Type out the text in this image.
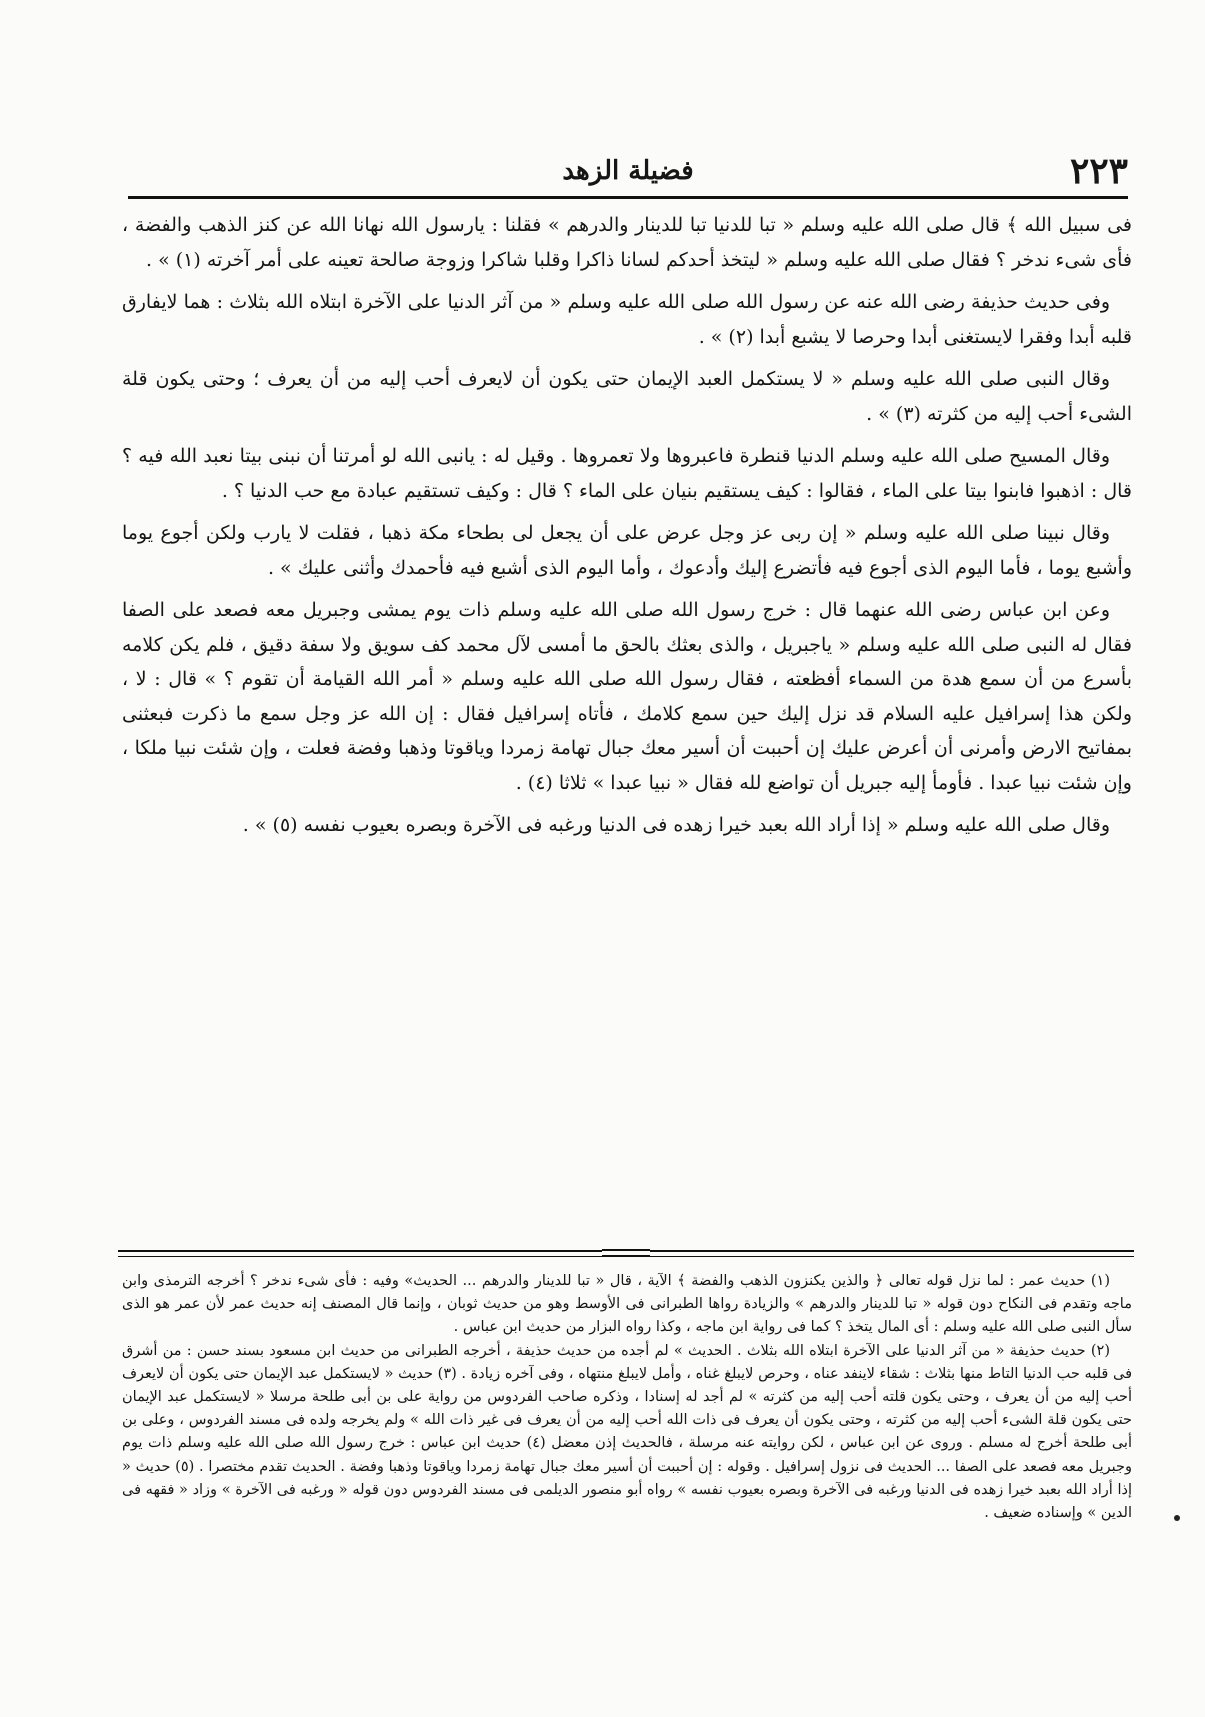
٢٢٣
فضيلة الزهد

فى سبيل الله ﴾ قال صلى الله عليه وسلم « تبا للدنيا تبا للدينار والدرهم » فقلنا : يارسول الله نهانا الله عن كنز الذهب والفضة ، فأى شىء ندخر ؟ فقال صلى الله عليه وسلم « ليتخذ أحدكم لسانا ذاكرا وقلبا شاكرا وزوجة صالحة تعينه على أمر آخرته (١) » .

وفى حديث حذيفة رضى الله عنه عن رسول الله صلى الله عليه وسلم « من آثر الدنيا على الآخرة ابتلاه الله بثلاث : هما لايفارق قلبه أبدا وفقرا لايستغنى أبدا وحرصا لا يشبع أبدا (٢) » .

وقال النبى صلى الله عليه وسلم « لا يستكمل العبد الإيمان حتى يكون أن لايعرف أحب إليه من أن يعرف ؛ وحتى يكون قلة الشىء أحب إليه من كثرته (٣) » .

وقال المسيح صلى الله عليه وسلم الدنيا قنطرة فاعبروها ولا تعمروها . وقيل له : يانبى الله لو أمرتنا أن نبنى بيتا نعبد الله فيه ؟ قال : اذهبوا فابنوا بيتا على الماء ، فقالوا : كيف يستقيم بنيان على الماء ؟ قال : وكيف تستقيم عبادة مع حب الدنيا ؟ .

وقال نبينا صلى الله عليه وسلم « إن ربى عز وجل عرض على أن يجعل لى بطحاء مكة ذهبا ، فقلت لا يارب ولكن أجوع يوما وأشبع يوما ، فأما اليوم الذى أجوع فيه فأتضرع إليك وأدعوك ، وأما اليوم الذى أشبع فيه فأحمدك وأثنى عليك » .

وعن ابن عباس رضى الله عنهما قال : خرج رسول الله صلى الله عليه وسلم ذات يوم يمشى وجبريل معه فصعد على الصفا فقال له النبى صلى الله عليه وسلم « ياجبريل ، والذى بعثك بالحق ما أمسى لآل محمد كف سويق ولا سفة دقيق ، فلم يكن كلامه بأسرع من أن سمع هدة من السماء أفظعته ، فقال رسول الله صلى الله عليه وسلم « أمر الله القيامة أن تقوم ؟ » قال : لا ، ولكن هذا إسرافيل عليه السلام قد نزل إليك حين سمع كلامك ، فأتاه إسرافيل فقال : إن الله عز وجل سمع ما ذكرت فبعثنى بمفاتيح الارض وأمرنى أن أعرض عليك إن أحببت أن أسير معك جبال تهامة زمردا وياقوتا وذهبا وفضة فعلت ، وإن شئت نبيا ملكا ، وإن شئت نبيا عبدا . فأومأ إليه جبريل أن تواضع لله فقال « نبيا عبدا » ثلاثا (٤) .

وقال صلى الله عليه وسلم « إذا أراد الله بعبد خيرا زهده فى الدنيا ورغبه فى الآخرة وبصره بعيوب نفسه (٥) » .

(١) حديث عمر : لما نزل قوله تعالى ﴿ والذين يكنزون الذهب والفضة ﴾ الآية ، قال « تبا للدينار والدرهم ... الحديث» وفيه : فأى شىء ندخر ؟ أخرجه الترمذى وابن ماجه وتقدم فى النكاح دون قوله « تبا للدينار والدرهم » والزيادة رواها الطبرانى فى الأوسط وهو من حديث ثوبان ، وإنما قال المصنف إنه حديث عمر لأن عمر هو الذى سأل النبى صلى الله عليه وسلم : أى المال يتخذ ؟ كما فى رواية ابن ماجه ، وكذا رواه البزار من حديث ابن عباس .

(٢) حديث حذيفة « من آثر الدنيا على الآخرة ابتلاه الله بثلاث . الحديث » لم أجده من حديث حذيفة ، أخرجه الطبرانى من حديث ابن مسعود بسند حسن : من أشرق فى قلبه حب الدنيا التاط منها بثلاث : شقاء لاينفد عناه ، وحرص لايبلغ غناه ، وأمل لايبلغ منتهاه ، وفى آخره زيادة . (٣) حديث « لايستكمل عبد الإيمان حتى يكون أن لايعرف أحب إليه من أن يعرف ، وحتى يكون قلته أحب إليه من كثرته » لم أجد له إسنادا ، وذكره صاحب الفردوس من رواية على بن أبى طلحة مرسلا « لايستكمل عبد الإيمان حتى يكون قلة الشىء أحب إليه من كثرته ، وحتى يكون أن يعرف فى ذات الله أحب إليه من أن يعرف فى غير ذات الله » ولم يخرجه ولده فى مسند الفردوس ، وعلى بن أبى طلحة أخرج له مسلم . وروى عن ابن عباس ، لكن روايته عنه مرسلة ، فالحديث إذن معضل (٤) حديث ابن عباس : خرج رسول الله صلى الله عليه وسلم ذات يوم وجبريل معه فصعد على الصفا ... الحديث فى نزول إسرافيل . وقوله : إن أحببت أن أسير معك جبال تهامة زمردا وياقوتا وذهبا وفضة . الحديث تقدم مختصرا . (٥) حديث « إذا أراد الله بعبد خيرا زهده فى الدنيا ورغبه فى الآخرة وبصره بعيوب نفسه » رواه أبو منصور الديلمى فى مسند الفردوس دون قوله « ورغبه فى الآخرة » وزاد « فقهه فى الدين » وإسناده ضعيف .
